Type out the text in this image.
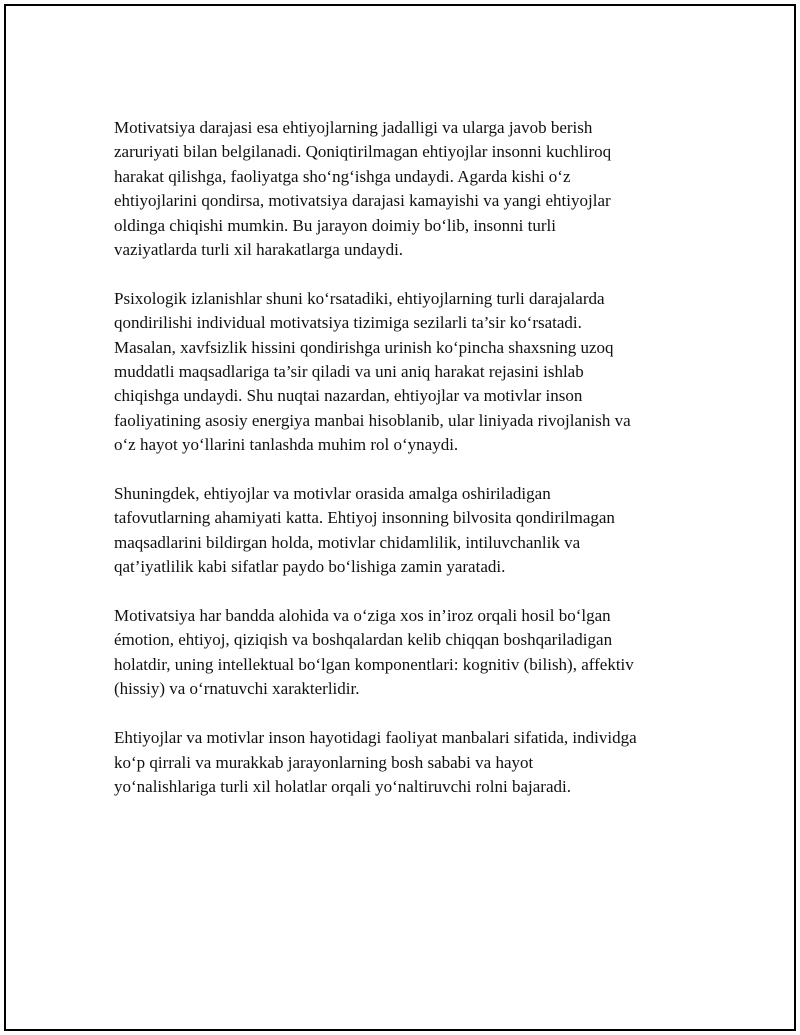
Motivatsiya darajasi esa ehtiyojlarning jadalligi va ularga javob berish
zaruriyati bilan belgilanadi. Qoniqtirilmagan ehtiyojlar insonni kuchliroq
harakat qilishga, faoliyatga sho‘ng‘ishga undaydi. Agarda kishi o‘z
ehtiyojlarini qondirsa, motivatsiya darajasi kamayishi va yangi ehtiyojlar
oldinga chiqishi mumkin. Bu jarayon doimiy bo‘lib, insonni turli
vaziyatlarda turli xil harakatlarga undaydi.

Psixologik izlanishlar shuni ko‘rsatadiki, ehtiyojlarning turli darajalarda
qondirilishi individual motivatsiya tizimiga sezilarli ta’sir ko‘rsatadi.
Masalan, xavfsizlik hissini qondirishga urinish ko‘pincha shaxsning uzoq
muddatli maqsadlariga ta’sir qiladi va uni aniq harakat rejasini ishlab
chiqishga undaydi. Shu nuqtai nazardan, ehtiyojlar va motivlar inson
faoliyatining asosiy energiya manbai hisoblanib, ular liniyada rivojlanish va
o‘z hayot yo‘llarini tanlashda muhim rol o‘ynaydi.

Shuningdek, ehtiyojlar va motivlar orasida amalga oshiriladigan
tafovutlarning ahamiyati katta. Ehtiyoj insonning bilvosita qondirilmagan
maqsadlarini bildirgan holda, motivlar chidamlilik, intiluvchanlik va
qat’iyatlilik kabi sifatlar paydo bo‘lishiga zamin yaratadi.

Motivatsiya har bandda alohida va o‘ziga xos in’iroz orqali hosil bo‘lgan
émotion, ehtiyoj, qiziqish va boshqalardan kelib chiqqan boshqariladigan
holatdir, uning intellektual bo‘lgan komponentlari: kognitiv (bilish), affektiv
(hissiy) va o‘rnatuvchi xarakterlidir.

Ehtiyojlar va motivlar inson hayotidagi faoliyat manbalari sifatida, individga
ko‘p qirrali va murakkab jarayonlarning bosh sababi va hayot
yo‘nalishlariga turli xil holatlar orqali yo‘naltiruvchi rolni bajaradi.
